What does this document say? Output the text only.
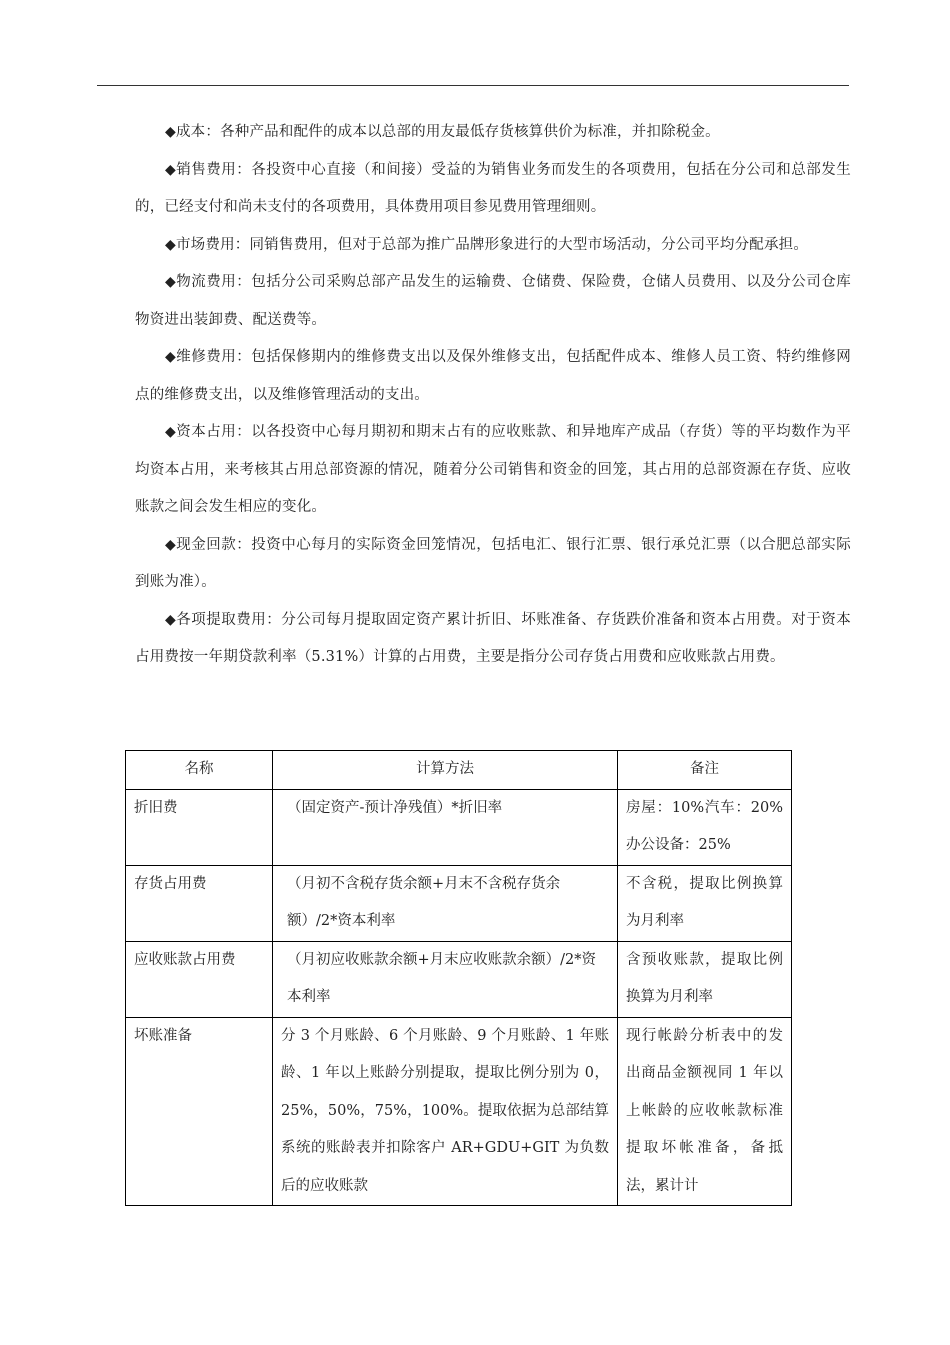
◆成本：各种产品和配件的成本以总部的用友最低存货核算供价为标准，并扣除税金。

◆销售费用：各投资中心直接（和间接）受益的为销售业务而发生的各项费用，包括在分公司和总部发生的，已经支付和尚未支付的各项费用，具体费用项目参见费用管理细则。

◆市场费用：同销售费用，但对于总部为推广品牌形象进行的大型市场活动，分公司平均分配承担。

◆物流费用：包括分公司采购总部产品发生的运输费、仓储费、保险费，仓储人员费用、以及分公司仓库物资进出装卸费、配送费等。

◆维修费用：包括保修期内的维修费支出以及保外维修支出，包括配件成本、维修人员工资、特约维修网点的维修费支出，以及维修管理活动的支出。

◆资本占用：以各投资中心每月期初和期末占有的应收账款、和异地库产成品（存货）等的平均数作为平均资本占用，来考核其占用总部资源的情况，随着分公司销售和资金的回笼，其占用的总部资源在存货、应收账款之间会发生相应的变化。

◆现金回款：投资中心每月的实际资金回笼情况，包括电汇、银行汇票、银行承兑汇票（以合肥总部实际到账为准）。

◆各项提取费用：分公司每月提取固定资产累计折旧、坏账准备、存货跌价准备和资本占用费。对于资本占用费按一年期贷款利率（5.31%）计算的占用费，主要是指分公司存货占用费和应收账款占用费。

名称	计算方法	备注
折旧费	（固定资产-预计净残值）*折旧率	房屋：10%汽车：20%办公设备：25%
存货占用费	（月初不含税存货余额+月末不含税存货余额）/2*资本利率	不含税，提取比例换算为月利率
应收账款占用费	（月初应收账款余额+月末应收账款余额）/2*资本利率	含预收账款，提取比例换算为月利率
坏账准备	分 3 个月账龄、6 个月账龄、9 个月账龄、1 年账龄、1 年以上账龄分别提取，提取比例分别为 0，25%，50%，75%，100%。提取依据为总部结算系统的账龄表并扣除客户 AR+GDU+GIT 为负数后的应收账款	现行帐龄分析表中的发出商品金额视同 1 年以上帐龄的应收帐款标准提取坏帐准备，备抵法，累计计
